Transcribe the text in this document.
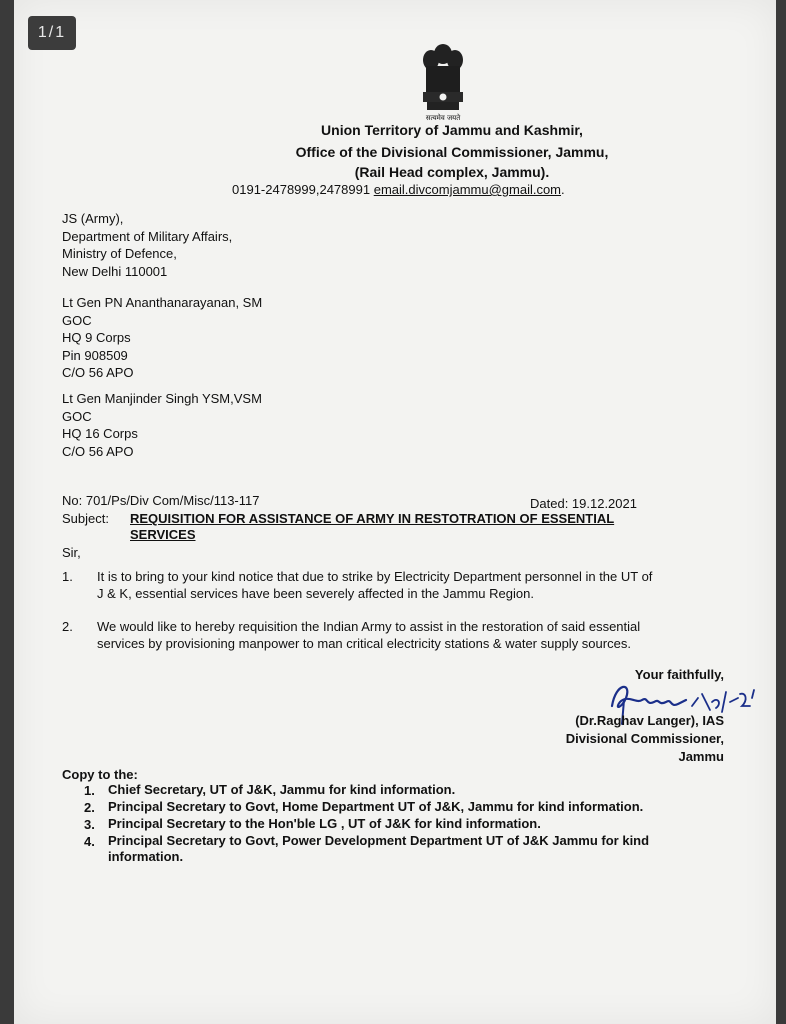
सत्यमेव जयते
Union Territory of Jammu and Kashmir,
Office of the Divisional Commissioner, Jammu,
(Rail Head complex, Jammu).
0191-2478999,2478991 email.divcomjammu@gmail.com.
JS (Army),
Department of Military Affairs,
Ministry of Defence,
New Delhi 110001
Lt Gen PN Ananthanarayanan, SM
GOC
HQ 9 Corps
Pin 908509
C/O 56 APO
Lt Gen Manjinder Singh YSM,VSM
GOC
HQ 16 Corps
C/O 56 APO
No: 701/Ps/Div Com/Misc/113-117	Dated: 19.12.2021
Subject: REQUISITION FOR ASSISTANCE OF ARMY IN RESTOTRATION OF ESSENTIAL
SERVICES
Sir,
1. It is to bring to your kind notice that due to strike by Electricity Department personnel in the UT of
J & K, essential services have been severely affected in the Jammu Region.
2. We would like to hereby requisition the Indian Army to assist in the restoration of said essential
services by provisioning manpower to man critical electricity stations & water supply sources.
Your faithfully,
(Dr.Raghav Langer), IAS
Divisional Commissioner,
Jammu
Copy to the:
1. Chief Secretary, UT of J&K, Jammu for kind information.
2. Principal Secretary to Govt, Home Department UT of J&K, Jammu for kind information.
3. Principal Secretary to the Hon'ble LG , UT of J&K for kind information.
4. Principal Secretary to Govt, Power Development Department UT of J&K Jammu for kind
information.
1/1
